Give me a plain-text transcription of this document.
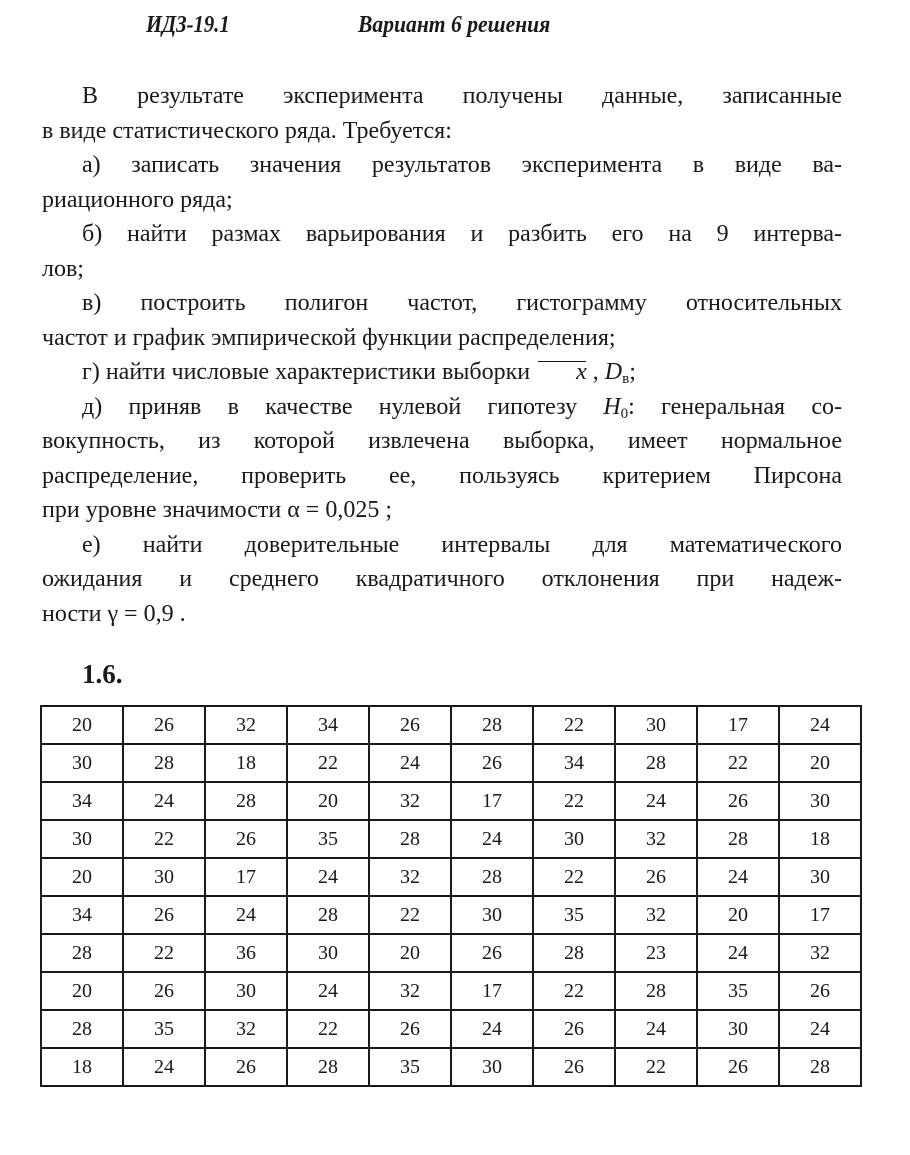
ИДЗ-19.1	Вариант 6 решения

В результате эксперимента получены данные, записанные
в виде статистического ряда. Требуется:

а) записать значения результатов эксперимента в виде ва-
риационного ряда;

б) найти размах варьирования и разбить его на 9 интерва-
лов;

в) построить полигон частот, гистограмму относительных
частот и график эмпирической функции распределения;

г) найти числовые характеристики выборки x , $D_в$;

д) приняв в качестве нулевой гипотезу $H_0$: генеральная со-
вокупность, из которой извлечена выборка, имеет нормальное
распределение, проверить ее, пользуясь критерием Пирсона
при уровне значимости α = 0,025 ;

е) найти доверительные интервалы для математического
ожидания и среднего квадратичного отклонения при надеж-
ности γ = 0,9 .

1.6.
20	26	32	34	26	28	22	30	17	24
30	28	18	22	24	26	34	28	22	20
34	24	28	20	32	17	22	24	26	30
30	22	26	35	28	24	30	32	28	18
20	30	17	24	32	28	22	26	24	30
34	26	24	28	22	30	35	32	20	17
28	22	36	30	20	26	28	23	24	32
20	26	30	24	32	17	22	28	35	26
28	35	32	22	26	24	26	24	30	24
18	24	26	28	35	30	26	22	26	28
